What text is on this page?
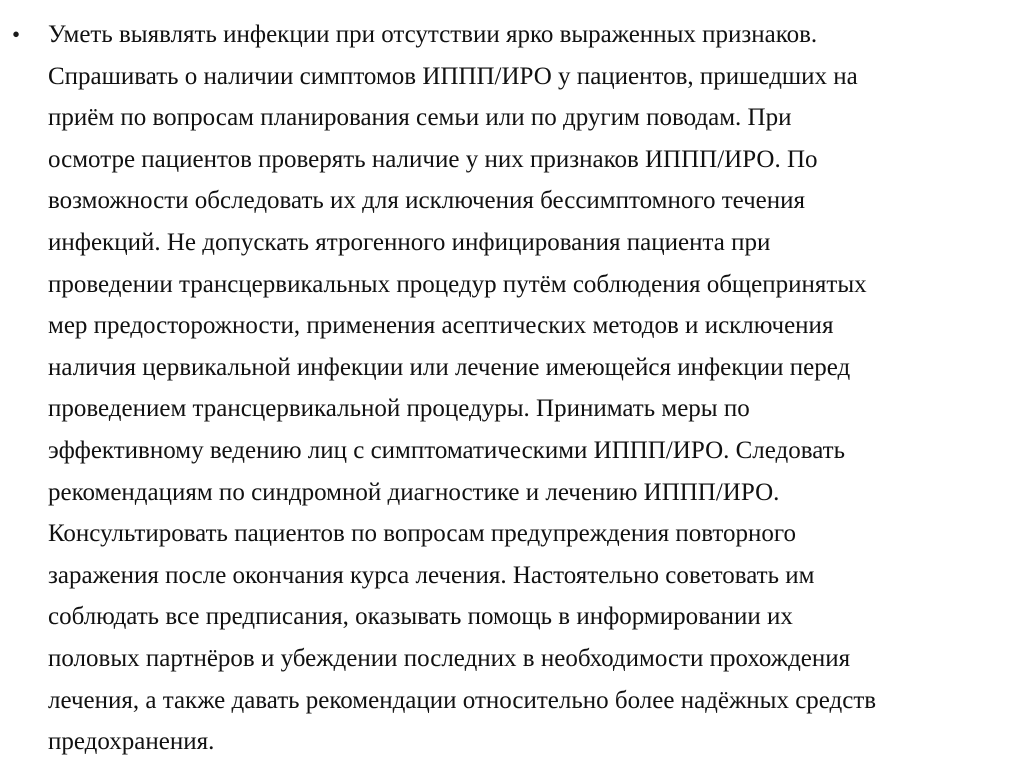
•	Уметь выявлять инфекции при отсутствии ярко выраженных признаков.
Спрашивать о наличии симптомов ИППП/ИРО у пациентов, пришедших на
приём по вопросам планирования семьи или по другим поводам. При
осмотре пациентов проверять наличие у них признаков ИППП/ИРО. По
возможности обследовать их для исключения бессимптомного течения
инфекций. Не допускать ятрогенного инфицирования пациента при
проведении трансцервикальных процедур путём соблюдения общепринятых
мер предосторожности, применения асептических методов и исключения
наличия цервикальной инфекции или лечение имеющейся инфекции перед
проведением трансцервикальной процедуры. Принимать меры по
эффективному ведению лиц с симптоматическими ИППП/ИРО. Следовать
рекомендациям по синдромной диагностике и лечению ИППП/ИРО.
Консультировать пациентов по вопросам предупреждения повторного
заражения после окончания курса лечения. Настоятельно советовать им
соблюдать все предписания, оказывать помощь в информировании их
половых партнёров и убеждении последних в необходимости прохождения
лечения, а также давать рекомендации относительно более надёжных средств
предохранения.
